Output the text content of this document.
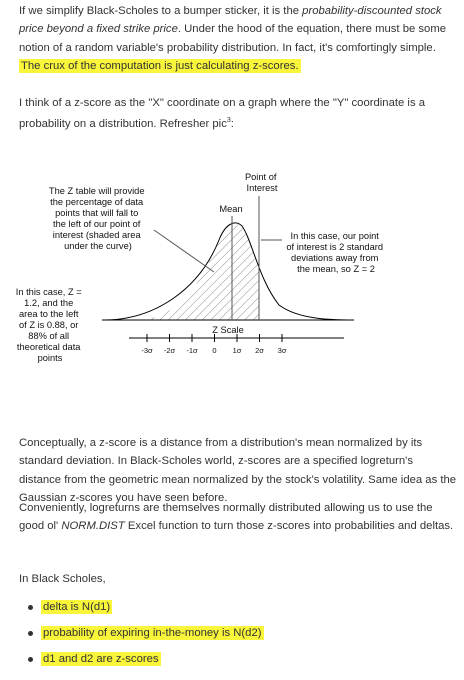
If we simplify Black-Scholes to a bumper sticker, it is the probability-discounted stock price beyond a fixed strike price. Under the hood of the equation, there must be some notion of a random variable's probability distribution. In fact, it's comfortingly simple. The crux of the computation is just calculating z-scores.

I think of a z-score as the "X" coordinate on a graph where the "Y" coordinate is a probability on a distribution. Refresher pic$^3$:

-3σ -2σ -1σ 0 1σ 2σ 3σ
The Z table will provide the percentage of data points that will fall to the left of our point of interest (shaded area under the curve)
In this case, Z = 1.2, and the area to the left of Z is 0.88, or 88% of all theoretical data points
Point of Interest
Mean
In this case, our point of interest is 2 standard deviations away from the mean, so Z = 2
Z Scale

Conceptually, a z-score is a distance from a distribution's mean normalized by its standard deviation. In Black-Scholes world, z-scores are a specified logreturn's distance from the geometric mean normalized by the stock's volatility. Same idea as the Gaussian z-scores you have seen before.

Conveniently, logreturns are themselves normally distributed allowing us to use the good ol' NORM.DIST Excel function to turn those z-scores into probabilities and deltas.

In Black Scholes,

delta is N(d1)
probability of expiring in-the-money is N(d2)
d1 and d2 are z-scores
